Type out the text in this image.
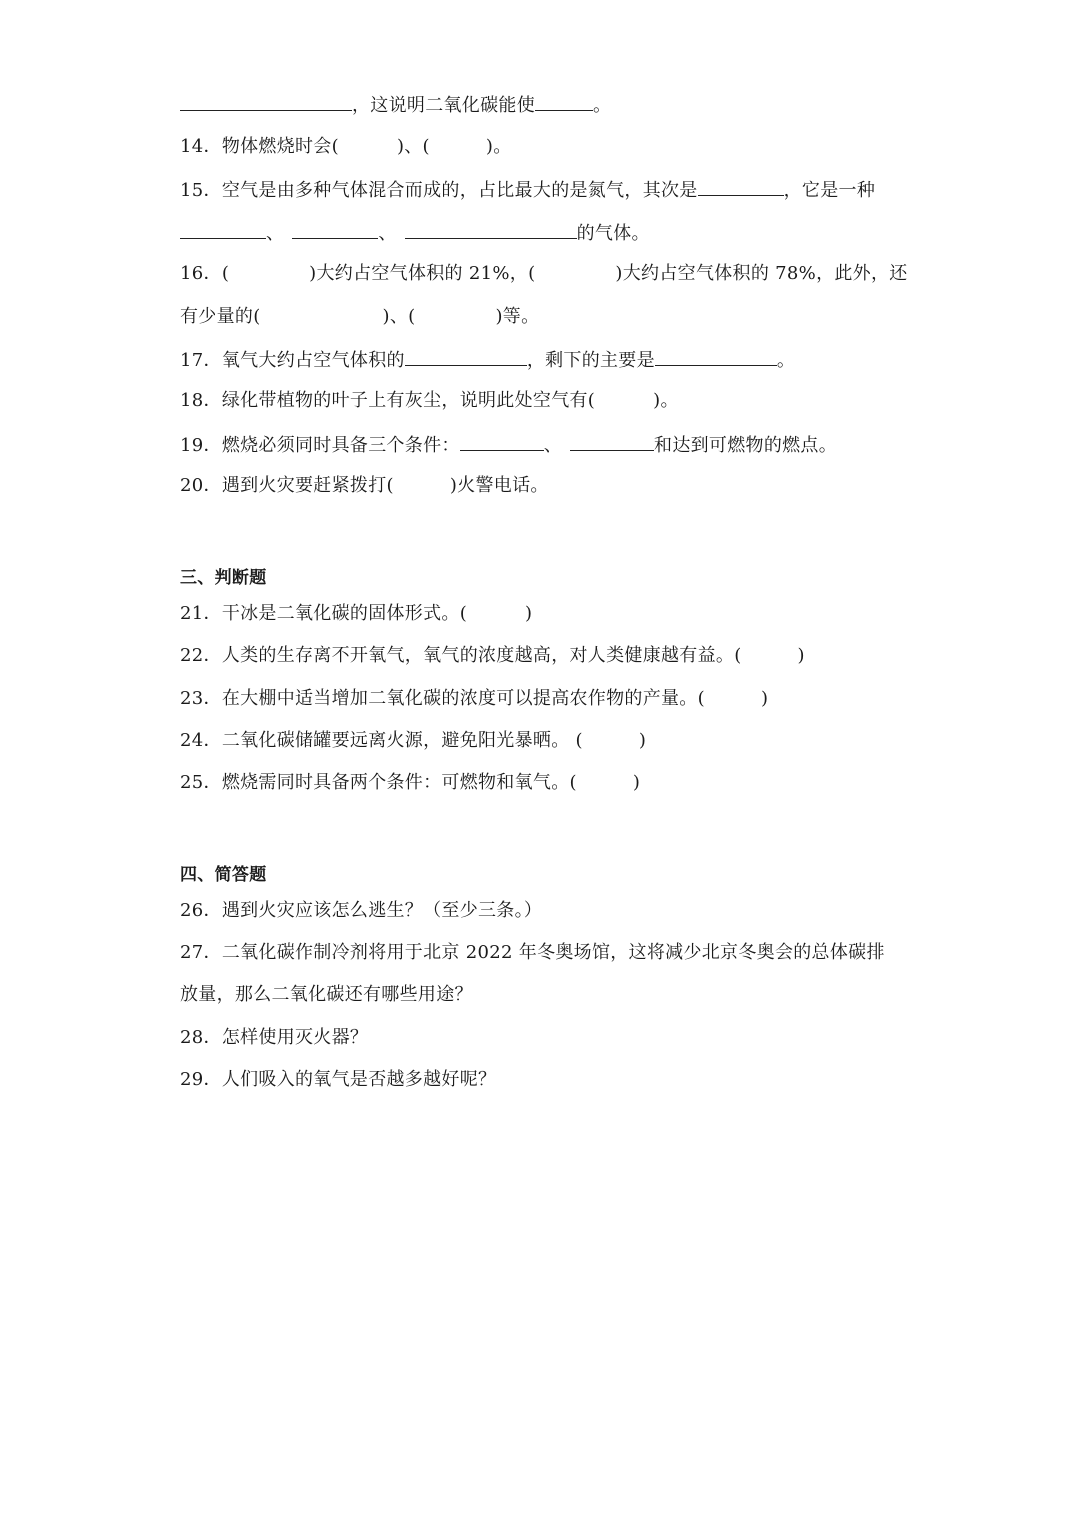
，这说明二氧化碳能使	。
14．物体燃烧时会(	)、(	)。
15．空气是由多种气体混合而成的，占比最大的是氮气，其次是	，它是一种
、	、	的气体。
16．(	)大约占空气体积的 21%，(	)大约占空气体积的 78%，此外，还
有少量的(	)、(	)等。
17．氧气大约占空气体积的	，剩下的主要是	。
18．绿化带植物的叶子上有灰尘，说明此处空气有(	)。
19．燃烧必须同时具备三个条件：	、	和达到可燃物的燃点。
20．遇到火灾要赶紧拨打(	)火警电话。
三、判断题
21．干冰是二氧化碳的固体形式。(	)
22．人类的生存离不开氧气，氧气的浓度越高，对人类健康越有益。(	)
23．在大棚中适当增加二氧化碳的浓度可以提高农作物的产量。(	)
24．二氧化碳储罐要远离火源，避免阳光暴晒。 (	)
25．燃烧需同时具备两个条件：可燃物和氧气。(	)
四、简答题
26．遇到火灾应该怎么逃生？（至少三条。）
27．二氧化碳作制冷剂将用于北京 2022 年冬奥场馆，这将减少北京冬奥会的总体碳排
放量，那么二氧化碳还有哪些用途？
28．怎样使用灭火器？
29．人们吸入的氧气是否越多越好呢？
